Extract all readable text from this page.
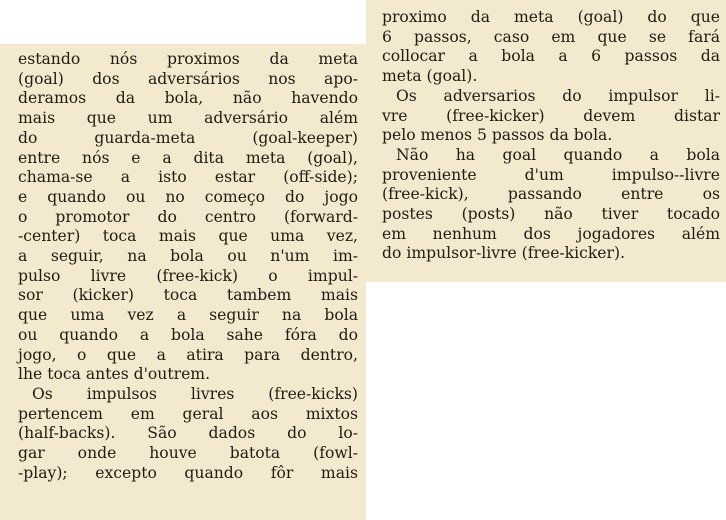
estando nós proximos da meta
(goal) dos adversários nos apo-
deramos da bola, não havendo
mais que um adversário além
do guarda-meta (goal-keeper)
entre nós e a dita meta (goal),
chama-se a isto estar (off-side);
e quando ou no começo do jogo
o promotor do centro (forward-
-center) toca mais que uma vez,
a seguir, na bola ou n'um im-
pulso livre (free-kick) o impul-
sor (kicker) toca tambem mais
que uma vez a seguir na bola
ou quando a bola sahe fóra do
jogo, o que a atira para dentro,
lhe toca antes d'outrem.

Os impulsos livres (free-kicks)
pertencem em geral aos mixtos
(half-backs). São dados do lo-
gar onde houve batota (fowl-
-play); excepto quando fôr mais

proximo da meta (goal) do que
6 passos, caso em que se fará
collocar a bola a 6 passos da
meta (goal).

Os adversarios do impulsor li-
vre (free-kicker) devem distar
pelo menos 5 passos da bola.

Não ha goal quando a bola
proveniente d'um impulso--livre
(free-kick), passando entre os
postes (posts) não tiver tocado
em nenhum dos jogadores além
do impulsor-livre (free-kicker).
